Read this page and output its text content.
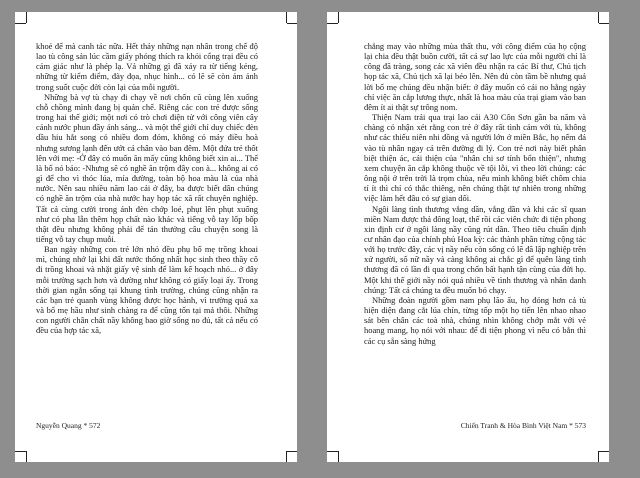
khoẻ để mà canh tác nữa. Hết thảy những nạn nhân trong chế độ lao tù công sản lúc cầm giấy phóng thích ra khỏi cổng trại đều có cảm giác như là phép lạ. Vả những gì đã xảy ra từ tiếng kẻng, những từ kiểm điểm, đày đọa, nhục hình... có lẽ sẽ còn ám ảnh trong suốt cuộc đời còn lại của mỗi người.

Những bà vợ tù chạy đi chạy về nơi chốn cũ cùng lên xuống chỗ chồng mình đang bị quản chế. Riêng các con trẻ được sống trong hai thế giới; một nơi có trò chơi điện tử với công viên cây cảnh nước phun đầy ánh sáng... và một thế giới chỉ duy chiếc đèn dầu hiu hắt song có nhiều đom đóm, không có máy điều hoà nhưng sương lạnh đến ướt cả chân vào ban đêm. Một đứa trẻ thốt lên với mẹ: -Ở đây có muốn ăn mấy cũng không biết xin ai... Thế là bố nó bảo: -Nhưng sẽ có nghề ăn trộm đây con à... không ai có gì để cho vì thóc lúa, mía đường, toàn bộ hoa màu là của nhà nước. Nên sau nhiều năm lao cải ở đây, ba được biết dân chúng có nghề ăn trộm của nhà nước hay họp tác xã rất chuyên nghiệp. Tất cả cùng cười trong ánh đèn chớp loé, phụt lên phụt xuống như có pha lẫn thêm họp chất nào khác và tiếng vỗ tay lốp bốp thật đều nhưng không phải để tán thưởng câu chuyện song là tiếng vỗ tay chụp muỗi.

Ban ngày những con trẻ lớn nhỏ đều phụ bố mẹ trồng khoai mì, chúng nhớ lại khi đất nước thống nhất học sinh theo thầy cô đi trồng khoai và nhặt giấy vệ sinh để làm kế hoạch nhỏ... ở đây mỗi trường sạch hơn và đường như không có giấy loại ấy. Trong thời gian ngắn sống tại khung tình trường, chúng cũng nhận ra các bạn trẻ quanh vùng không được học hành, vì trường quá xa và bố mẹ hầu như sinh chàng ra để cũng tốn tại mả thôi. Những con người chân chất nầy không bao giờ sống no đủ, tất cả nếu có đều của hợp tác xã,

Nguyễn Quang * 572

chẳng may vào những mùa thất thu, với công điểm của họ cộng lại chia đều thật buồn cười, tất cả sự lao lực của mỗi người chỉ là công đã tràng, song các xã viên đều nhận ra các Bí thư, Chủ tịch họp tác xã, Chủ tịch xã lại béo lên. Nên đủ còn tầm bề nhưng quả lời bố mẹ chúng đều nhận biết: ở đây muốn có cái no hằng ngày chỉ việc ăn cắp lương thực, nhất là hoa màu của trại giam vào ban đêm ít ai thật sự trông nom.

Thiện Nam trải qua trại lao cải A30 Côn Sơn gần ba năm và chàng có nhận xét rằng con trẻ ở đây rất tình cảm với tù, không như các thiếu niên nhi đồng và người lớn ở miền Bắc, họ nếm đá vào tù nhân ngay cả trên đường đi lý. Con trẻ nơi này biết phân biệt thiện ác, cái thiện của "nhân chi sơ tính bổn thiện", nhưng xem chuyện ăn cắp không thuộc về tội lỗi, vì theo lời chúng: các ông nội ở trên trời là trọm chùa, nếu mình không biết chôm chia tí ít thì chỉ có thắc thiêng, nên chúng thật tự nhiên trong những việc làm hết đâu có sự gian dối.

Ngôi làng tình thương vắng dần, vắng dần và khi các sĩ quan miền Nam được thả đông loạt, thế rồi các viên chức đi tiện phong xin định cư ở ngôi làng nầy cũng rút dần. Theo tiêu chuẩn định cư nhân đạo của chính phủ Hoa kỳ: các thành phần từng cộng tác với họ trước đây, các vị nầy nếu còn sống có lẽ đã lập nghiệp trên xứ người, số nữ nầy và càng không ai chắc gì để quên làng tình thương đã có lần đi qua trong chốn bất hạnh tận cùng của đời họ. Một khi thế giới nầy nói quá nhiều về tình thương và nhân danh chúng: Tất cả chúng ta đều muốn bỏ chạy.

Những đoàn người gồm nam phụ lão ấu, họ đóng hơn cả tù hiện diện đang cắt lúa chín, từng tốp một họ tiến lên nhao nhao sát bên chân các toà nhà, chúng nhìn không chớp mắt với vẻ hoang mang, họ nói với nhau: để đi tiện phong vì nếu có bắn thì các cụ sẵn sàng hứng

Chiến Tranh & Hòa Bình Việt Nam * 573
